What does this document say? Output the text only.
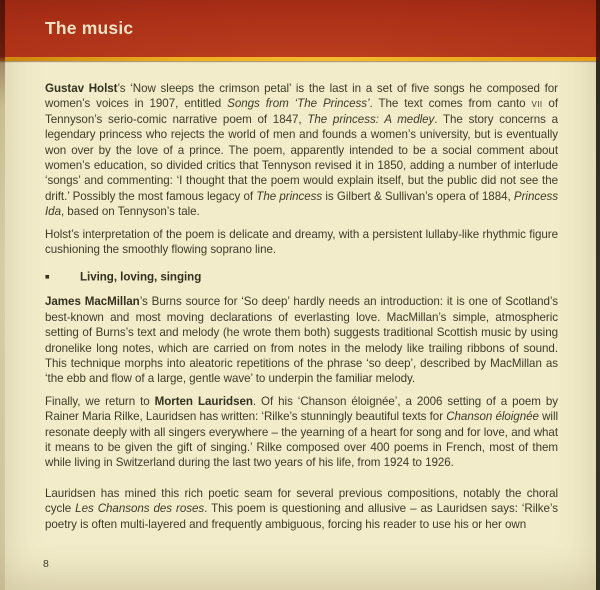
The music

Gustav Holst’s ‘Now sleeps the crimson petal’ is the last in a set of five songs he composed for women’s voices in 1907, entitled Songs from ‘The Princess’. The text comes from canto vii of Tennyson’s serio-comic narrative poem of 1847, The princess: A medley. The story concerns a legendary princess who rejects the world of men and founds a women’s university, but is eventually won over by the love of a prince. The poem, apparently intended to be a social comment about women’s education, so divided critics that Tennyson revised it in 1850, adding a number of interlude ‘songs’ and commenting: ‘I thought that the poem would explain itself, but the public did not see the drift.’ Possibly the most famous legacy of The princess is Gilbert & Sullivan’s opera of 1884, Princess Ida, based on Tennyson’s tale.

Holst’s interpretation of the poem is delicate and dreamy, with a persistent lullaby-like rhythmic figure cushioning the smoothly flowing soprano line.

■	Living, loving, singing

James MacMillan’s Burns source for ‘So deep’ hardly needs an introduction: it is one of Scotland’s best-known and most moving declarations of everlasting love. MacMillan’s simple, atmospheric setting of Burns’s text and melody (he wrote them both) suggests traditional Scottish music by using dronelike long notes, which are carried on from notes in the melody like trailing ribbons of sound. This technique morphs into aleatoric repetitions of the phrase ‘so deep’, described by MacMillan as ‘the ebb and flow of a large, gentle wave’ to underpin the familiar melody.

Finally, we return to Morten Lauridsen. Of his ‘Chanson éloignée’, a 2006 setting of a poem by Rainer Maria Rilke, Lauridsen has written: ‘Rilke’s stunningly beautiful texts for Chanson éloignée will resonate deeply with all singers everywhere – the yearning of a heart for song and for love, and what it means to be given the gift of singing.’ Rilke composed over 400 poems in French, most of them while living in Switzerland during the last two years of his life, from 1924 to 1926.

Lauridsen has mined this rich poetic seam for several previous compositions, notably the choral cycle Les Chansons des roses. This poem is questioning and allusive – as Lauridsen says: ‘Rilke’s poetry is often multi-layered and frequently ambiguous, forcing his reader to use his or her own

8
